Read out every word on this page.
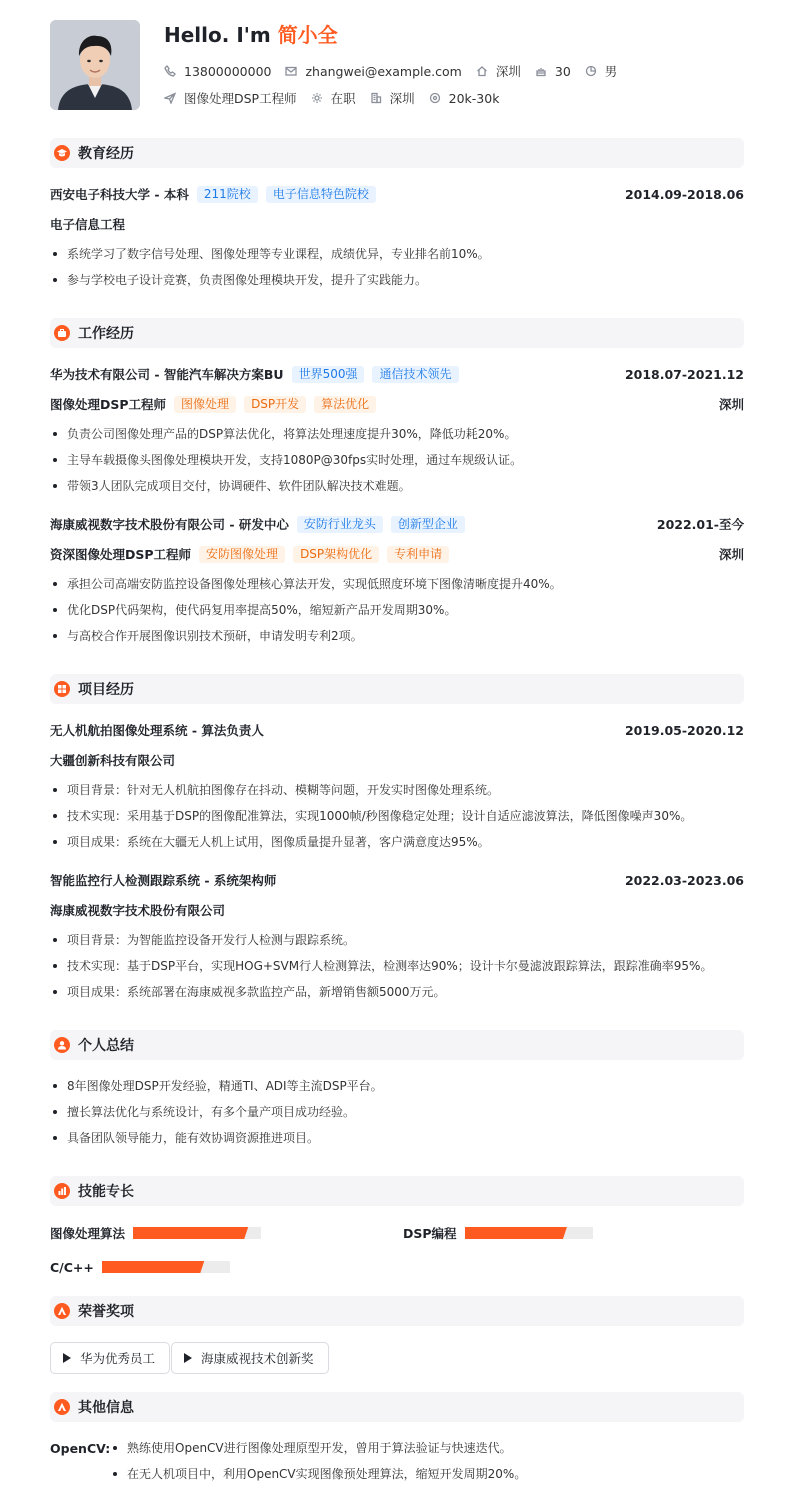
Hello. I'm 简小全
13800000000	zhangwei@example.com	深圳	30	男
图像处理DSP工程师	在职	深圳	20k-30k
教育经历
西安电子科技大学 - 本科	211院校	电子信息特色院校	2014.09-2018.06
电子信息工程
系统学习了数字信号处理、图像处理等专业课程，成绩优异，专业排名前10%。
参与学校电子设计竞赛，负责图像处理模块开发，提升了实践能力。
工作经历
华为技术有限公司 - 智能汽车解决方案BU	世界500强	通信技术领先	2018.07-2021.12
图像处理DSP工程师	图像处理	DSP开发	算法优化	深圳
负责公司图像处理产品的DSP算法优化，将算法处理速度提升30%，降低功耗20%。
主导车载摄像头图像处理模块开发，支持1080P@30fps实时处理，通过车规级认证。
带领3人团队完成项目交付，协调硬件、软件团队解决技术难题。
海康威视数字技术股份有限公司 - 研发中心	安防行业龙头	创新型企业	2022.01-至今
资深图像处理DSP工程师	安防图像处理	DSP架构优化	专利申请	深圳
承担公司高端安防监控设备图像处理核心算法开发，实现低照度环境下图像清晰度提升40%。
优化DSP代码架构，使代码复用率提高50%，缩短新产品开发周期30%。
与高校合作开展图像识别技术预研，申请发明专利2项。
项目经历
无人机航拍图像处理系统 - 算法负责人	2019.05-2020.12
大疆创新科技有限公司
项目背景：针对无人机航拍图像存在抖动、模糊等问题，开发实时图像处理系统。
技术实现：采用基于DSP的图像配准算法，实现1000帧/秒图像稳定处理；设计自适应滤波算法，降低图像噪声30%。
项目成果：系统在大疆无人机上试用，图像质量提升显著，客户满意度达95%。
智能监控行人检测跟踪系统 - 系统架构师	2022.03-2023.06
海康威视数字技术股份有限公司
项目背景：为智能监控设备开发行人检测与跟踪系统。
技术实现：基于DSP平台，实现HOG+SVM行人检测算法，检测率达90%；设计卡尔曼滤波跟踪算法，跟踪准确率95%。
项目成果：系统部署在海康威视多款监控产品，新增销售额5000万元。
个人总结
8年图像处理DSP开发经验，精通TI、ADI等主流DSP平台。
擅长算法优化与系统设计，有多个量产项目成功经验。
具备团队领导能力，能有效协调资源推进项目。
技能专长
图像处理算法	DSP编程
C/C++
荣誉奖项
华为优秀员工	海康威视技术创新奖
其他信息
OpenCV:	熟练使用OpenCV进行图像处理原型开发，曾用于算法验证与快速迭代。
在无人机项目中，利用OpenCV实现图像预处理算法，缩短开发周期20%。
